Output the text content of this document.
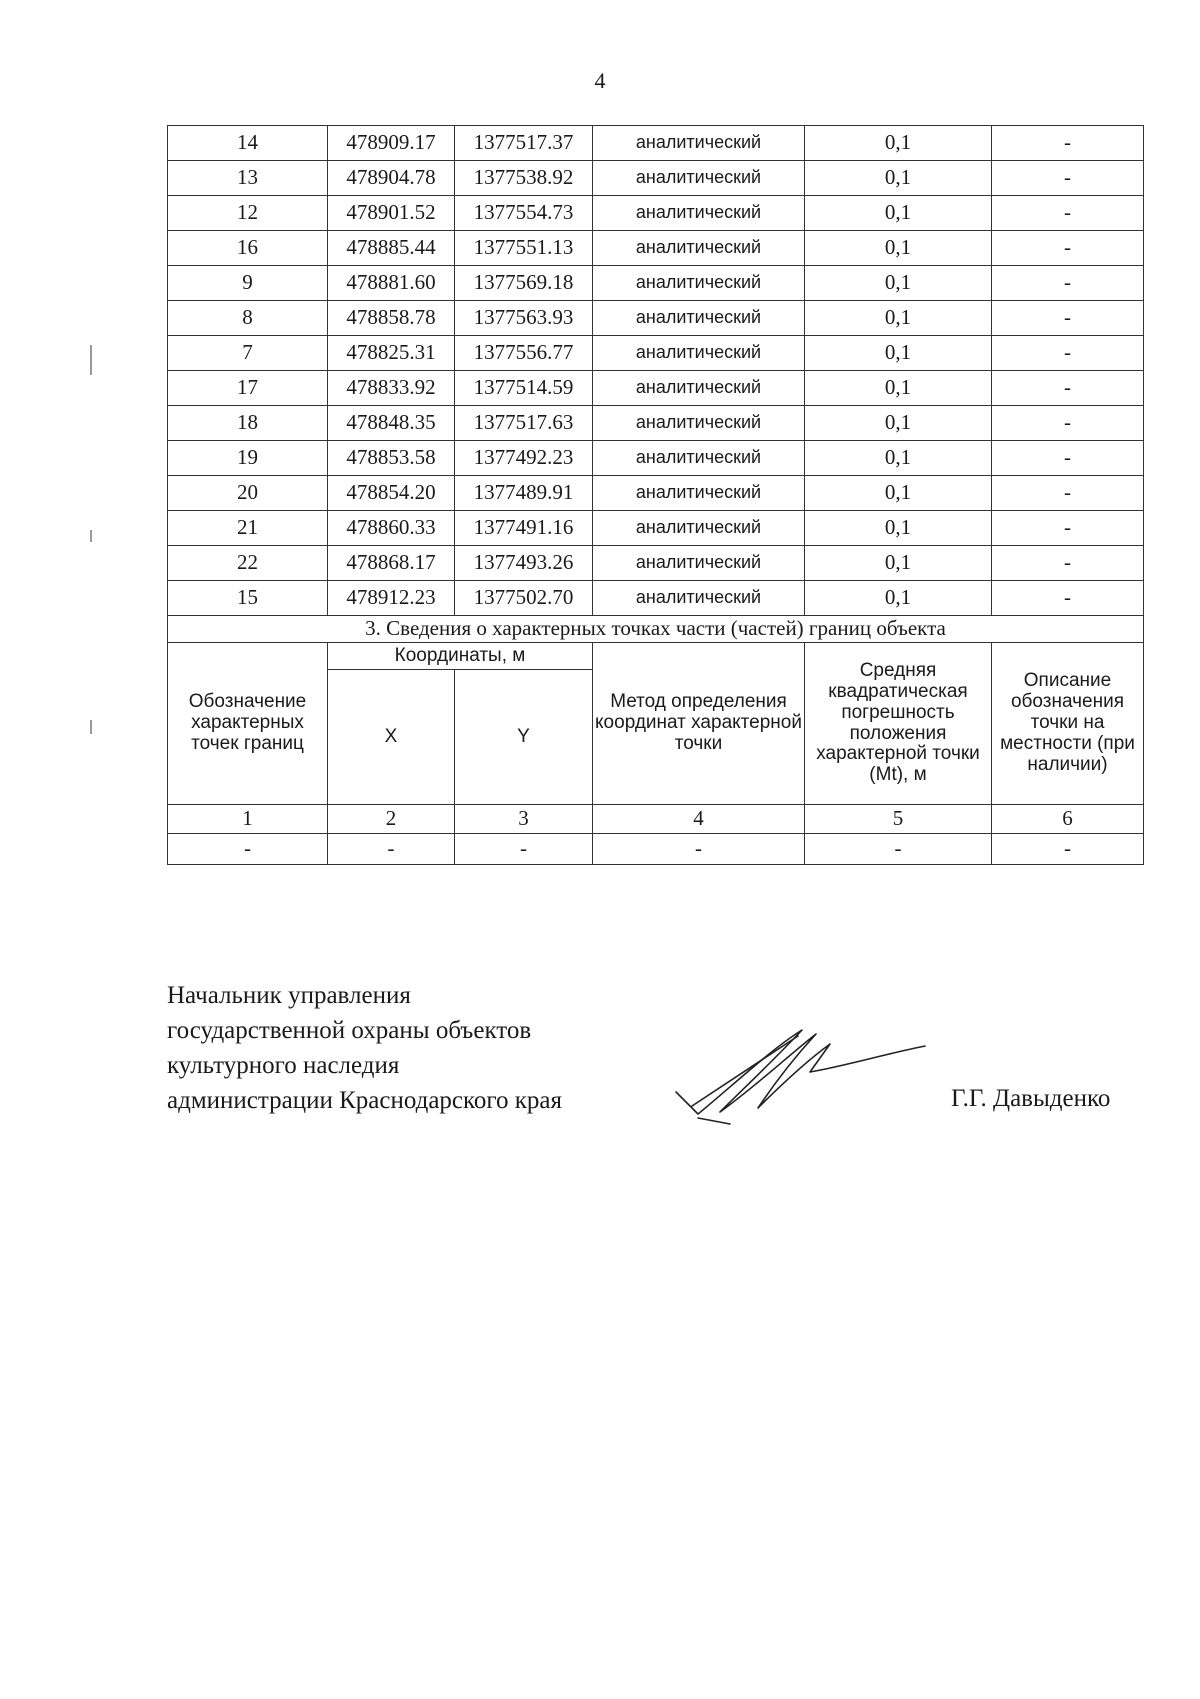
4
14	478909.17	1377517.37	аналитический	0,1	-
13	478904.78	1377538.92	аналитический	0,1	-
12	478901.52	1377554.73	аналитический	0,1	-
16	478885.44	1377551.13	аналитический	0,1	-
9	478881.60	1377569.18	аналитический	0,1	-
8	478858.78	1377563.93	аналитический	0,1	-
7	478825.31	1377556.77	аналитический	0,1	-
17	478833.92	1377514.59	аналитический	0,1	-
18	478848.35	1377517.63	аналитический	0,1	-
19	478853.58	1377492.23	аналитический	0,1	-
20	478854.20	1377489.91	аналитический	0,1	-
21	478860.33	1377491.16	аналитический	0,1	-
22	478868.17	1377493.26	аналитический	0,1	-
15	478912.23	1377502.70	аналитический	0,1	-
3. Сведения о характерных точках части (частей) границ объекта					
Обозначение характерных точек границ	Координаты, м		Метод определения координат характерной точки	Средняя квадратическая погрешность положения характерной точки (Mt), м	Описание обозначения точки на местности (при наличии)
	X	Y			
1	2	3	4	5	6
-	-	-	-	-	-
Начальник управления
государственной охраны объектов
культурного наследия
администрации Краснодарского края	Г.Г. Давыденко
